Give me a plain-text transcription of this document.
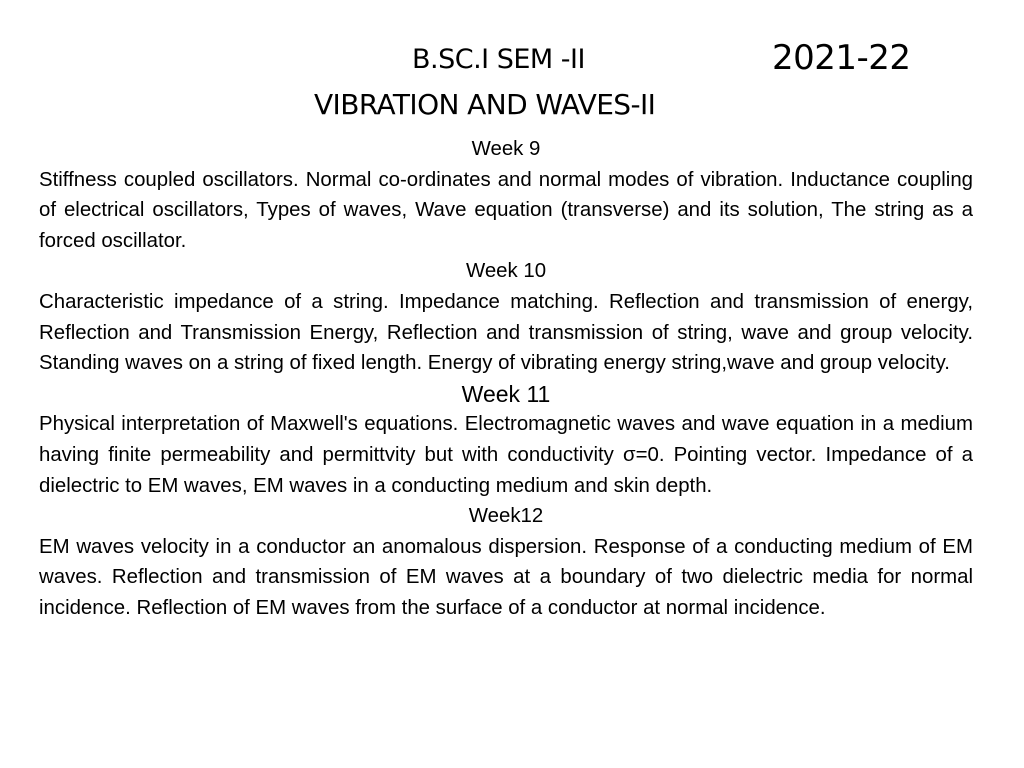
B.SC.I SEM -II	2021-22
VIBRATION AND WAVES-II

Week 9

Stiffness coupled oscillators. Normal co-ordinates and normal modes of vibration. Inductance coupling of electrical oscillators, Types of waves, Wave equation (transverse) and its solution, The string as a forced oscillator.

Week 10

Characteristic impedance of a string. Impedance matching. Reflection and transmission of energy, Reflection and Transmission Energy, Reflection and transmission of string, wave and group velocity. Standing waves on a string of fixed length. Energy of vibrating energy string,wave and group velocity.

Week 11

Physical interpretation of Maxwell's equations. Electromagnetic waves and wave equation in a medium having finite permeability and permittvity but with conductivity σ=0. Pointing vector. Impedance of a dielectric to EM waves, EM waves in a conducting medium and skin depth.

Week12

EM waves velocity in a conductor an anomalous dispersion. Response of a conducting medium of EM waves. Reflection and transmission of EM waves at a boundary of two dielectric media for normal incidence. Reflection of EM waves from the surface of a conductor at normal incidence.
